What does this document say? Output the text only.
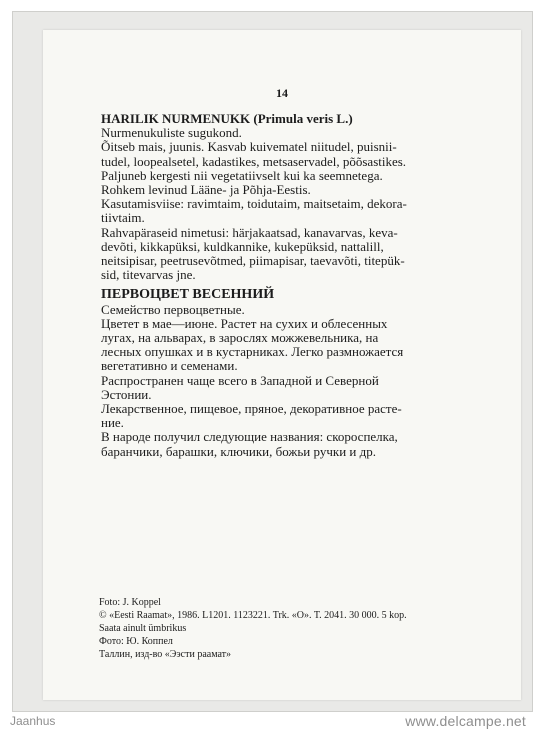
14

HARILIK NURMENUKK (Primula veris L.)

Nurmenukuliste sugukond.

Õitseb mais, juunis. Kasvab kuivematel niitudel, puisnii-

tudel, loopealsetel, kadastikes, metsaservadel, põõsastikes.

Paljuneb kergesti nii vegetatiivselt kui ka seemnetega.

Rohkem levinud Lääne- ja Põhja-Eestis.

Kasutamisviise: ravimtaim, toidutaim, maitsetaim, dekora-

tiivtaim.

Rahvapäraseid nimetusi: härjakaatsad, kanavarvas, keva-

devõti, kikkapüksi, kuldkannike, kukepüksid, nattalill,

neitsipisar, peetrusevõtmed, piimapisar, taevavõti, titepük-

sid, titevarvas jne.

ПЕРВОЦВЕТ ВЕСЕННИЙ

Семейство первоцветные.

Цветет в мае—июне. Растет на сухих и облесенных

лугах, на альварах, в зарослях можжевельника, на

лесных опушках и в кустарниках. Легко размножается

вегетативно и семенами.

Распространен чаще всего в Западной и Северной

Эстонии.

Лекарственное, пищевое, пряное, декоративное расте-

ние.

В народе получил следующие названия: скороспелка,

баранчики, барашки, ключики, божьи ручки и др.

Foto: J. Koppel

© «Eesti Raamat», 1986. L1201. 1123221. Trk. «O». T. 2041. 30 000. 5 kop.

Saata ainult ümbrikus

Фото: Ю. Коппел

Таллин, изд-во «Ээсти раамат»

Jaanhus	www.delcampe.net
